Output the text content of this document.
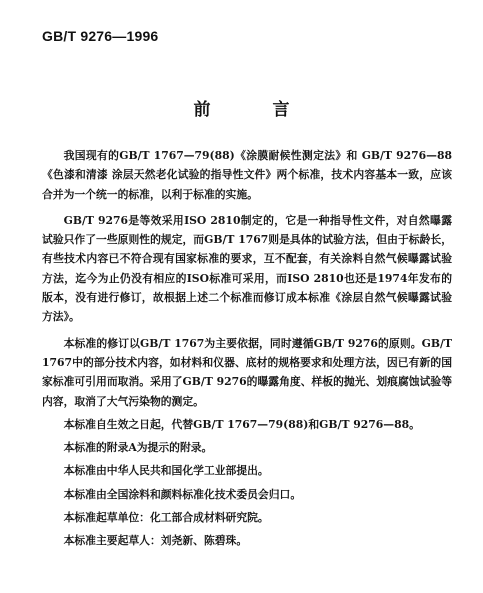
GB/T 9276—1996
前 言

我国现有的GB/T 1767—79(88)《涂膜耐候性测定法》和 GB/T 9276—88《色漆和清漆 涂层天然老化试验的指导性文件》两个标准，技术内容基本一致，应该合并为一个统一的标准，以利于标准的实施。

GB/T 9276是等效采用ISO 2810制定的，它是一种指导性文件，对自然曝露试验只作了一些原则性的规定，而GB/T 1767则是具体的试验方法，但由于标龄长，有些技术内容已不符合现有国家标准的要求，互不配套，有关涂料自然气候曝露试验方法，迄今为止仍没有相应的ISO标准可采用，而ISO 2810也还是1974年发布的版本，没有进行修订，故根据上述二个标准而修订成本标准《涂层自然气候曝露试验方法》。

本标准的修订以GB/T 1767为主要依据，同时遵循GB/T 9276的原则。GB/T 1767中的部分技术内容，如材料和仪器、底材的规格要求和处理方法，因已有新的国家标准可引用而取消。采用了GB/T 9276的曝露角度、样板的抛光、划痕腐蚀试验等内容，取消了大气污染物的测定。

本标准自生效之日起，代替GB/T 1767—79(88)和GB/T 9276—88。

本标准的附录A为提示的附录。

本标准由中华人民共和国化学工业部提出。

本标准由全国涂料和颜料标准化技术委员会归口。

本标准起草单位：化工部合成材料研究院。

本标准主要起草人：刘尧新、陈碧珠。
